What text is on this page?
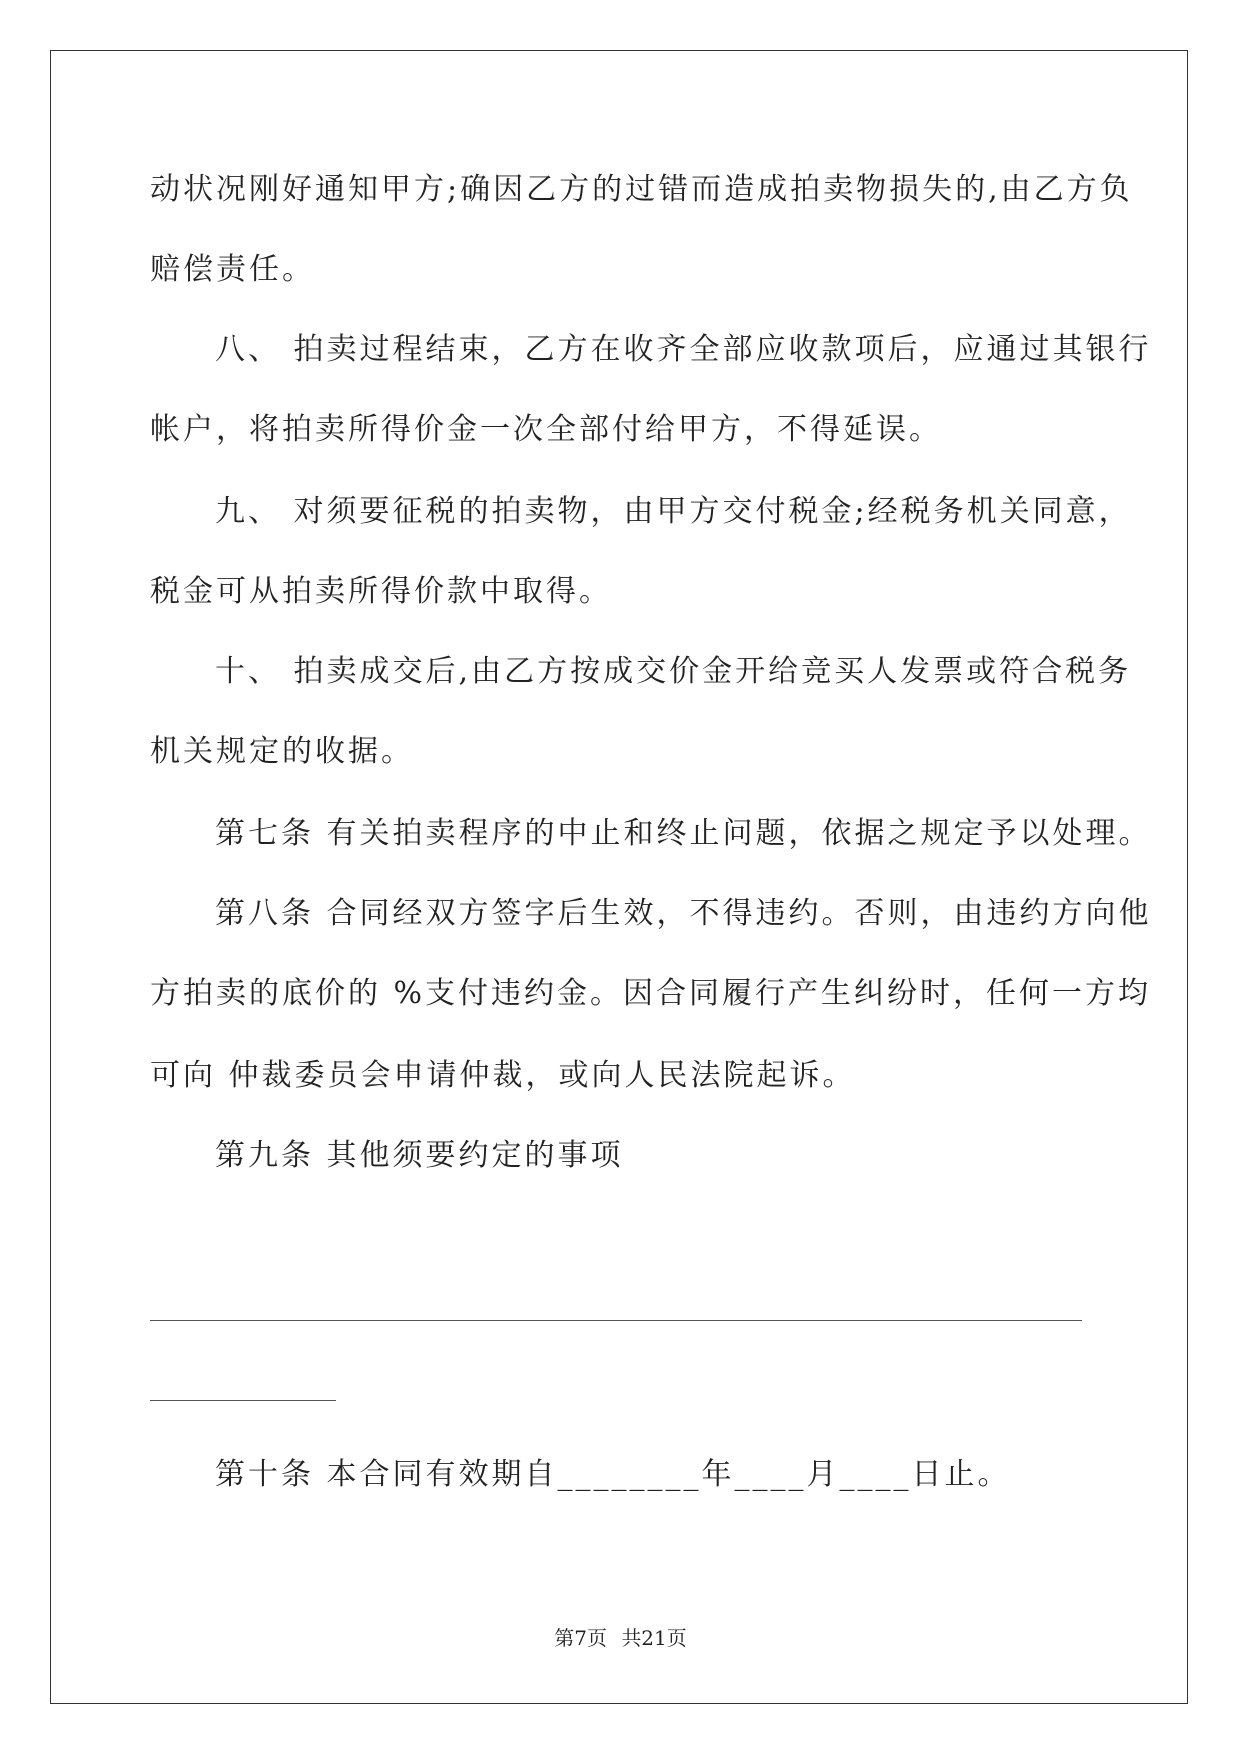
动状况刚好通知甲方;确因乙方的过错而造成拍卖物损失的,由乙方负

赔偿责任。

八、 拍卖过程结束，乙方在收齐全部应收款项后，应通过其银行

帐户，将拍卖所得价金一次全部付给甲方，不得延误。

九、 对须要征税的拍卖物，由甲方交付税金;经税务机关同意，

税金可从拍卖所得价款中取得。

十、 拍卖成交后,由乙方按成交价金开给竞买人发票或符合税务

机关规定的收据。

第七条 有关拍卖程序的中止和终止问题，依据之规定予以处理。

第八条 合同经双方签字后生效，不得违约。否则，由违约方向他

方拍卖的底价的 %支付违约金。因合同履行产生纠纷时，任何一方均

可向 仲裁委员会申请仲裁，或向人民法院起诉。

第九条 其他须要约定的事项

第十条 本合同有效期自________年____月____日止。

第7页 共21页
